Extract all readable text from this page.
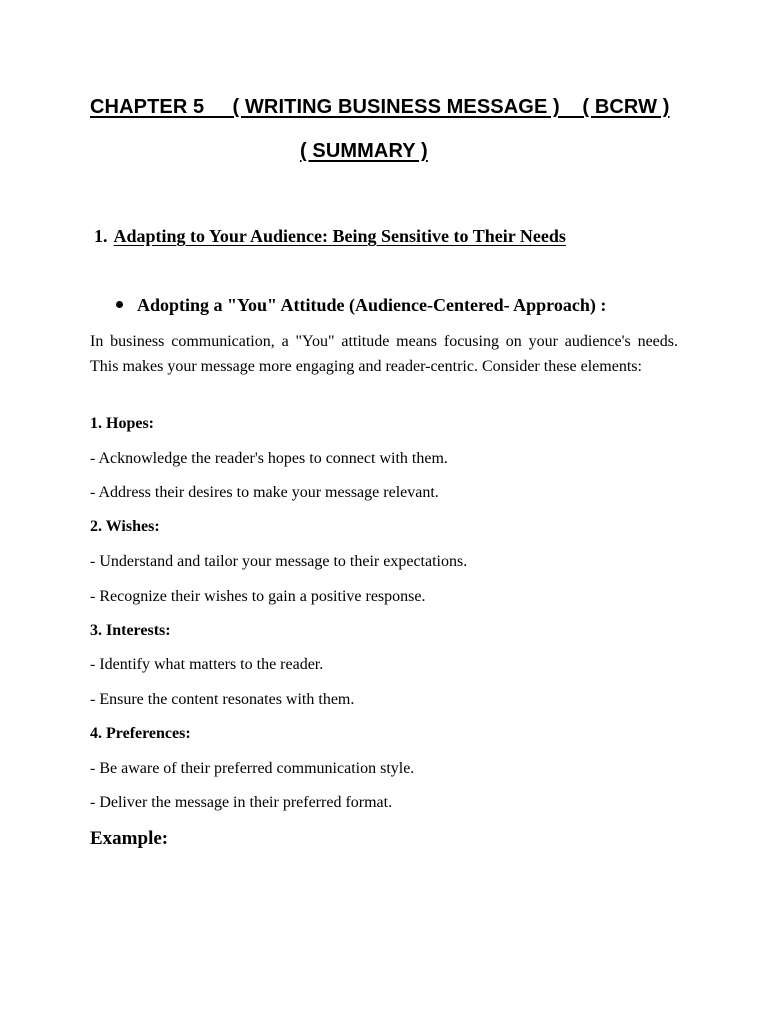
CHAPTER 5     ( WRITING BUSINESS MESSAGE )    ( BCRW )
( SUMMARY )
1. Adapting to Your Audience: Being Sensitive to Their Needs
Adopting a "You" Attitude (Audience-Centered- Approach) :
In business communication, a "You" attitude means focusing on your audience's needs. This makes your message more engaging and reader-centric. Consider these elements:
1. Hopes:
- Acknowledge the reader's hopes to connect with them.
- Address their desires to make your message relevant.
2. Wishes:
- Understand and tailor your message to their expectations.
- Recognize their wishes to gain a positive response.
3. Interests:
- Identify what matters to the reader.
- Ensure the content resonates with them.
4. Preferences:
- Be aware of their preferred communication style.
- Deliver the message in their preferred format.
Example:
